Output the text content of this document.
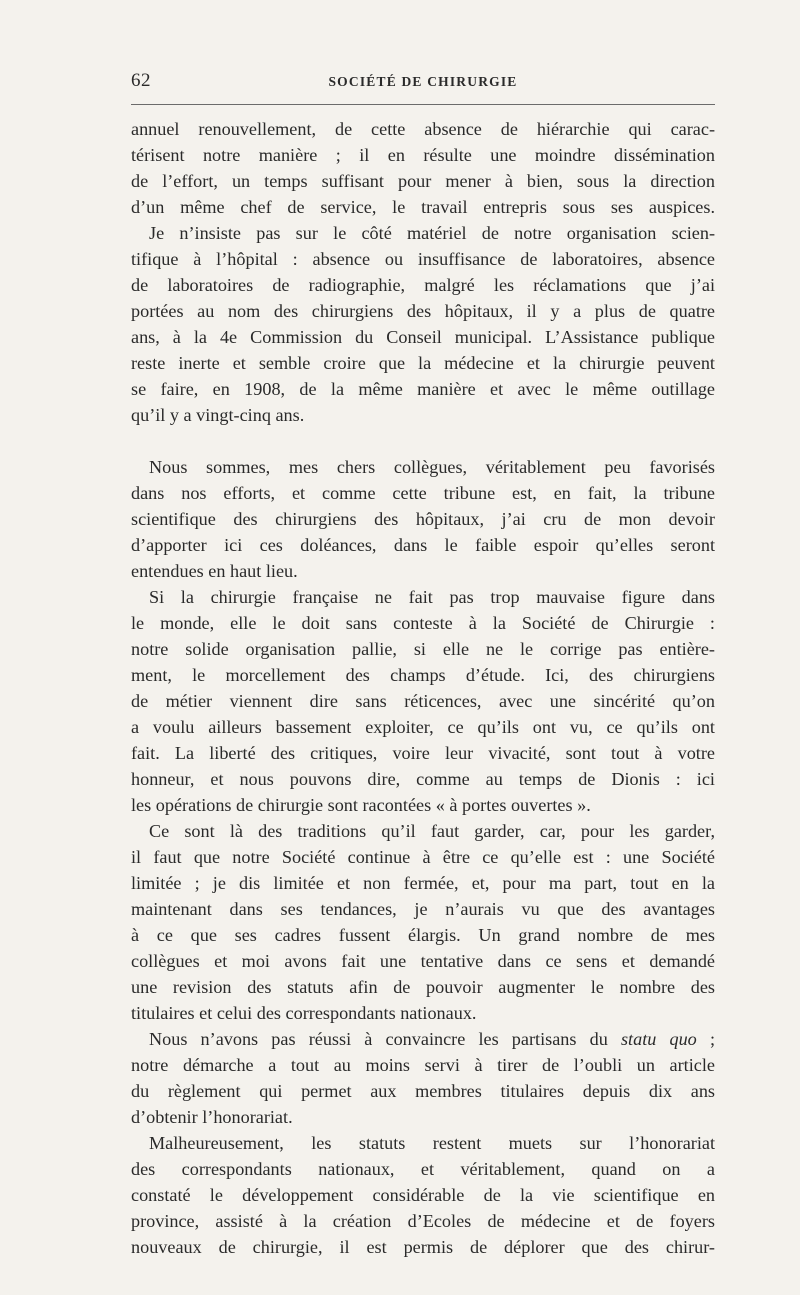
62	SOCIÉTÉ DE CHIRURGIE

annuel renouvellement, de cette absence de hiérarchie qui carac-
térisent notre manière ; il en résulte une moindre dissémination
de l’effort, un temps suffisant pour mener à bien, sous la direction
d’un même chef de service, le travail entrepris sous ses auspices.

Je n’insiste pas sur le côté matériel de notre organisation scien-
tifique à l’hôpital : absence ou insuffisance de laboratoires, absence
de laboratoires de radiographie, malgré les réclamations que j’ai
portées au nom des chirurgiens des hôpitaux, il y a plus de quatre
ans, à la 4e Commission du Conseil municipal. L’Assistance publique
reste inerte et semble croire que la médecine et la chirurgie peuvent
se faire, en 1908, de la même manière et avec le même outillage
qu’il y a vingt-cinq ans.

Nous sommes, mes chers collègues, véritablement peu favorisés
dans nos efforts, et comme cette tribune est, en fait, la tribune
scientifique des chirurgiens des hôpitaux, j’ai cru de mon devoir
d’apporter ici ces doléances, dans le faible espoir qu’elles seront
entendues en haut lieu.

Si la chirurgie française ne fait pas trop mauvaise figure dans
le monde, elle le doit sans conteste à la Société de Chirurgie :
notre solide organisation pallie, si elle ne le corrige pas entière-
ment, le morcellement des champs d’étude. Ici, des chirurgiens
de métier viennent dire sans réticences, avec une sincérité qu’on
a voulu ailleurs bassement exploiter, ce qu’ils ont vu, ce qu’ils ont
fait. La liberté des critiques, voire leur vivacité, sont tout à votre
honneur, et nous pouvons dire, comme au temps de Dionis : ici
les opérations de chirurgie sont racontées « à portes ouvertes ».

Ce sont là des traditions qu’il faut garder, car, pour les garder,
il faut que notre Société continue à être ce qu’elle est : une Société
limitée ; je dis limitée et non fermée, et, pour ma part, tout en la
maintenant dans ses tendances, je n’aurais vu que des avantages
à ce que ses cadres fussent élargis. Un grand nombre de mes
collègues et moi avons fait une tentative dans ce sens et demandé
une revision des statuts afin de pouvoir augmenter le nombre des
titulaires et celui des correspondants nationaux.

Nous n’avons pas réussi à convaincre les partisans du statu quo ;
notre démarche a tout au moins servi à tirer de l’oubli un article
du règlement qui permet aux membres titulaires depuis dix ans
d’obtenir l’honorariat.

Malheureusement, les statuts restent muets sur l’honorariat
des correspondants nationaux, et véritablement, quand on a
constaté le développement considérable de la vie scientifique en
province, assisté à la création d’Ecoles de médecine et de foyers
nouveaux de chirurgie, il est permis de déplorer que des chirur-
